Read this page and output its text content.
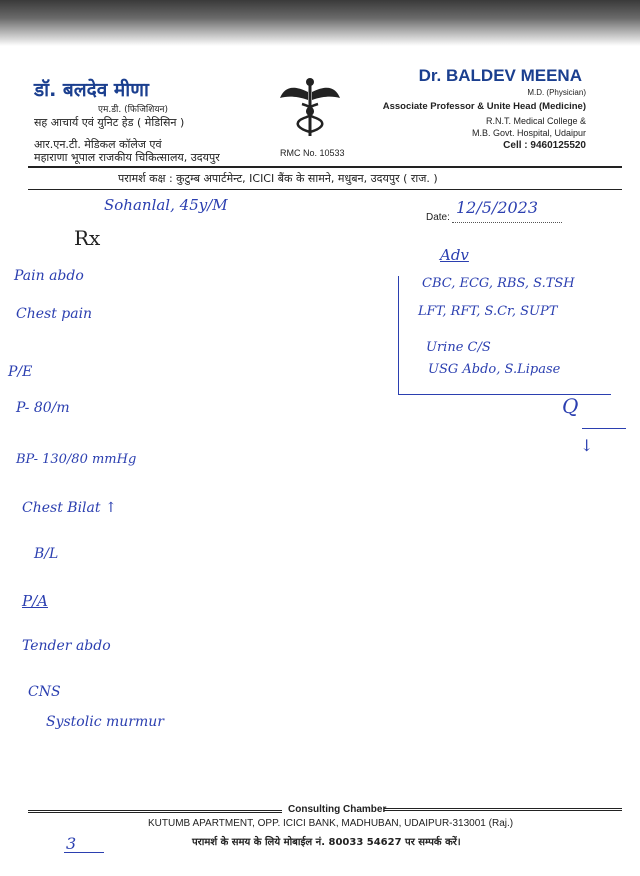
डॉ. बलदेव मीणा
एम.डी. (फिजिशियन)
सह आचार्य एवं युनिट हेड ( मेडिसिन )
आर.एन.टी. मेडिकल कॉलेज एवं
महाराणा भूपाल राजकीय चिकित्सालय, उदयपुर	RMC No. 10533
Dr. BALDEV MEENA
M.D. (Physician)
Associate Professor & Unite Head (Medicine)
R.N.T. Medical College &
M.B. Govt. Hospital, Udaipur
Cell : 9460125520
परामर्श कक्ष : कुटुम्ब अपार्टमेन्ट, ICICI बैंक के सामने, मधुबन, उदयपुर ( राज. )
Sohanlal, 45y/M
Date:
12/5/2023
Rx
Pain abdo
Chest pain
P/E
P- 80/m
BP- 130/80 mmHg
Chest Bilat ↑
B/L
P/A
Tender abdo
CNS
Systolic murmur
Adv
CBC, ECG, RBS, S.TSH
LFT, RFT, S.Cr, SUPT
Urine C/S
USG Abdo, S.Lipase
Q
↓
Consulting Chamber
KUTUMB APARTMENT, OPP. ICICI BANK, MADHUBAN, UDAIPUR-313001 (Raj.)
परामर्श के समय के लिये मोबाईल नं. 80033 54627 पर सम्पर्क करें।
3
